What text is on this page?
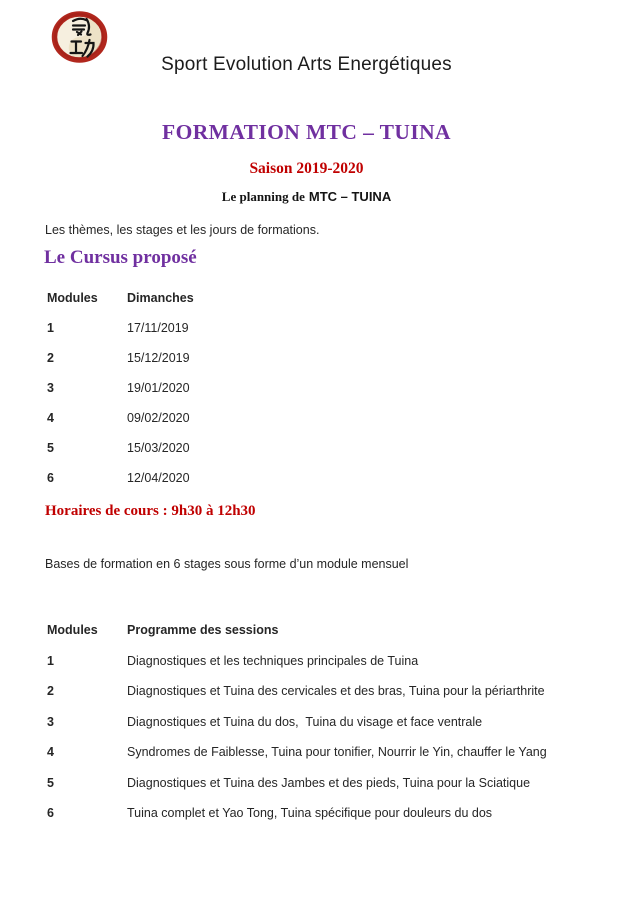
Sport Evolution Arts Energétiques
FORMATION MTC – TUINA
Saison 2019-2020
Le planning de MTC – TUINA
Les thèmes, les stages et les jours de formations.
Le Cursus proposé
Modules	Dimanches
1	17/11/2019
2	15/12/2019
3	19/01/2020
4	09/02/2020
5	15/03/2020
6	12/04/2020
Horaires de cours : 9h30 à 12h30
Bases de formation en 6 stages sous forme d’un module mensuel
Modules	Programme des sessions
1	Diagnostiques et les techniques principales de Tuina
2	Diagnostiques et Tuina des cervicales et des bras, Tuina pour la périarthrite
3	Diagnostiques et Tuina du dos,  Tuina du visage et face ventrale
4	Syndromes de Faiblesse, Tuina pour tonifier, Nourrir le Yin, chauffer le Yang
5	Diagnostiques et Tuina des Jambes et des pieds, Tuina pour la Sciatique
6	Tuina complet et Yao Tong, Tuina spécifique pour douleurs du dos
